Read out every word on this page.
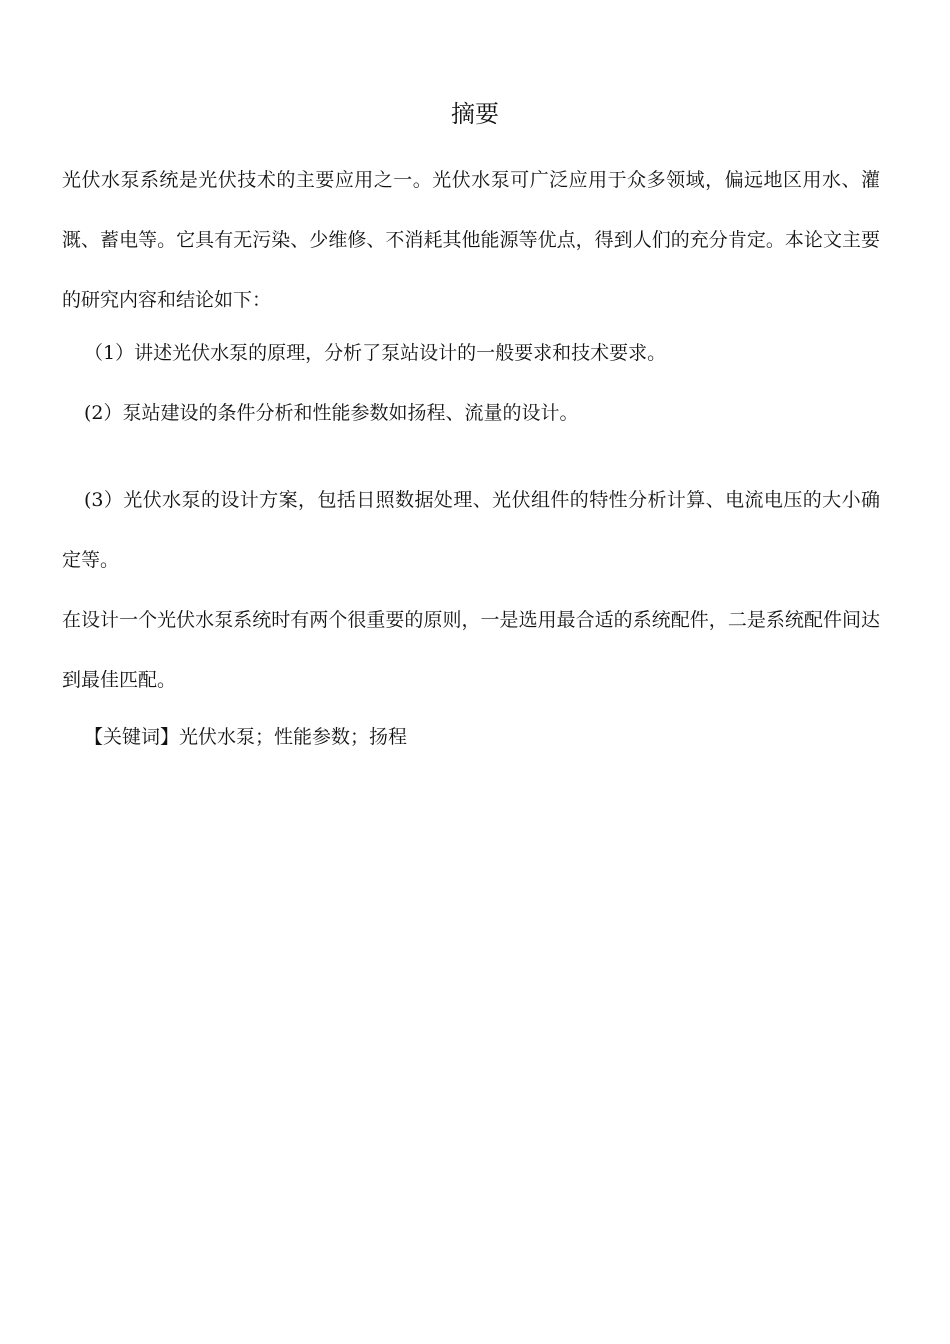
摘要

光伏水泵系统是光伏技术的主要应用之一。光伏水泵可广泛应用于众多领域，偏远地区用水、灌溉、蓄电等。它具有无污染、少维修、不消耗其他能源等优点，得到人们的充分肯定。本论文主要的研究内容和结论如下：

（1）讲述光伏水泵的原理，分析了泵站设计的一般要求和技术要求。

(2）泵站建设的条件分析和性能参数如扬程、流量的设计。

(3）光伏水泵的设计方案，包括日照数据处理、光伏组件的特性分析计算、电流电压的大小确定等。

在设计一个光伏水泵系统时有两个很重要的原则，一是选用最合适的系统配件，二是系统配件间达到最佳匹配。

【关键词】光伏水泵；性能参数；扬程
